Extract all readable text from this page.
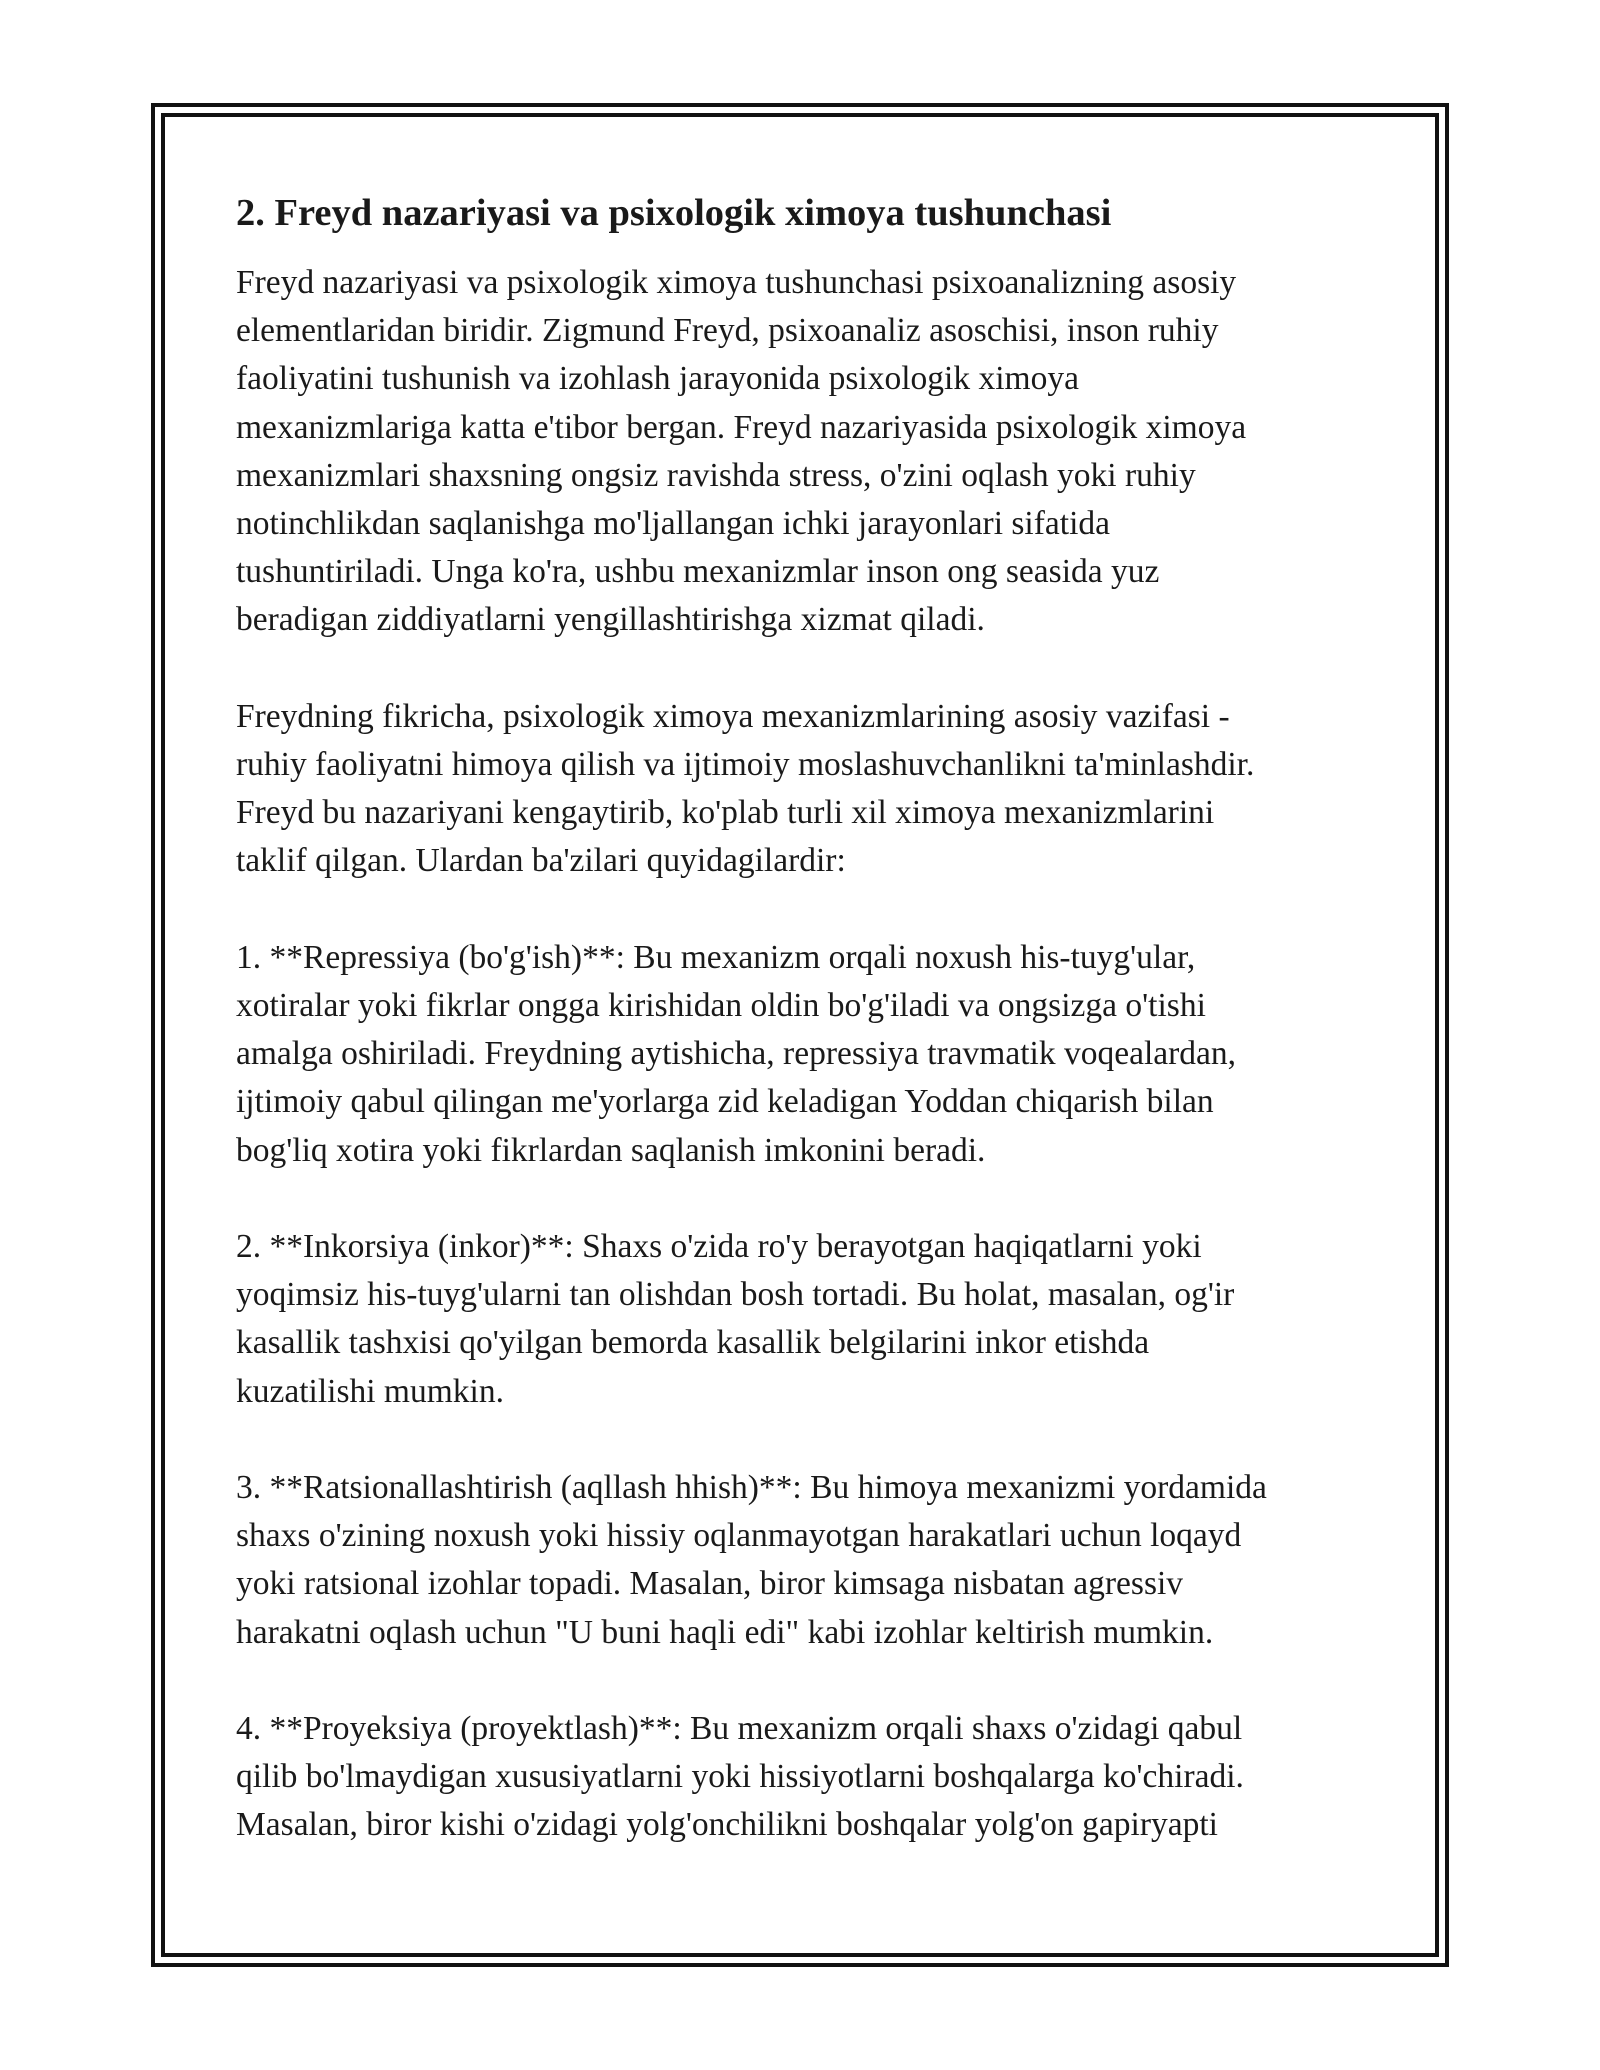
2. Freyd nazariyasi va psixologik ximoya tushunchasi

Freyd nazariyasi va psixologik ximoya tushunchasi psixoanalizning asosiy
elementlaridan biridir. Zigmund Freyd, psixoanaliz asoschisi, inson ruhiy
faoliyatini tushunish va izohlash jarayonida psixologik ximoya
mexanizmlariga katta e'tibor bergan. Freyd nazariyasida psixologik ximoya
mexanizmlari shaxsning ongsiz ravishda stress, o'zini oqlash yoki ruhiy
notinchlikdan saqlanishga mo'ljallangan ichki jarayonlari sifatida
tushuntiriladi. Unga ko'ra, ushbu mexanizmlar inson ong seasida yuz
beradigan ziddiyatlarni yengillashtirishga xizmat qiladi.

Freydning fikricha, psixologik ximoya mexanizmlarining asosiy vazifasi -
ruhiy faoliyatni himoya qilish va ijtimoiy moslashuvchanlikni ta'minlashdir.
Freyd bu nazariyani kengaytirib, ko'plab turli xil ximoya mexanizmlarini
taklif qilgan. Ulardan ba'zilari quyidagilardir:

1. **Repressiya (bo'g'ish)**: Bu mexanizm orqali noxush his-tuyg'ular,
xotiralar yoki fikrlar ongga kirishidan oldin bo'g'iladi va ongsizga o'tishi
amalga oshiriladi. Freydning aytishicha, repressiya travmatik voqealardan,
ijtimoiy qabul qilingan me'yorlarga zid keladigan Yoddan chiqarish bilan
bog'liq xotira yoki fikrlardan saqlanish imkonini beradi.

2. **Inkorsiya (inkor)**: Shaxs o'zida ro'y berayotgan haqiqatlarni yoki
yoqimsiz his-tuyg'ularni tan olishdan bosh tortadi. Bu holat, masalan, og'ir
kasallik tashxisi qo'yilgan bemorda kasallik belgilarini inkor etishda
kuzatilishi mumkin.

3. **Ratsionallashtirish (aqllash hhish)**: Bu himoya mexanizmi yordamida
shaxs o'zining noxush yoki hissiy oqlanmayotgan harakatlari uchun loqayd
yoki ratsional izohlar topadi. Masalan, biror kimsaga nisbatan agressiv
harakatni oqlash uchun "U buni haqli edi" kabi izohlar keltirish mumkin.

4. **Proyeksiya (proyektlash)**: Bu mexanizm orqali shaxs o'zidagi qabul
qilib bo'lmaydigan xususiyatlarni yoki hissiyotlarni boshqalarga ko'chiradi.
Masalan, biror kishi o'zidagi yolg'onchilikni boshqalar yolg'on gapiryapti
